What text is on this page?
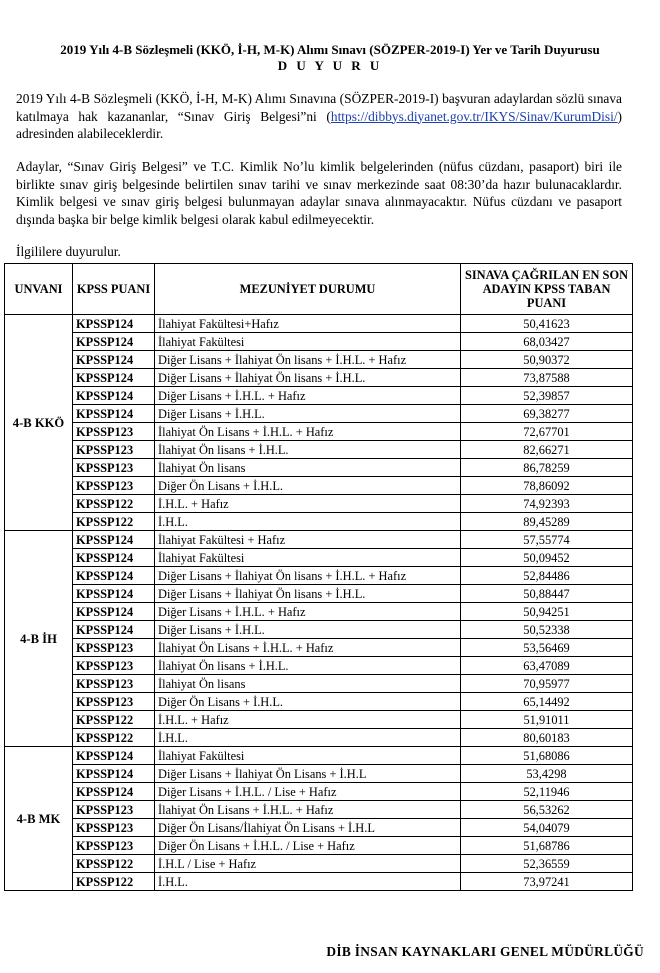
2019 Yılı 4-B Sözleşmeli (KKÖ, İ-H, M-K) Alımı Sınavı (SÖZPER-2019-I) Yer ve Tarih Duyurusu
D U Y U R U
2019 Yılı 4-B Sözleşmeli (KKÖ, İ-H, M-K) Alımı Sınavına (SÖZPER-2019-I) başvuran adaylardan sözlü sınava katılmaya hak kazananlar, “Sınav Giriş Belgesi”ni (https://dibbys.diyanet.gov.tr/IKYS/Sinav/KurumDisi/) adresinden alabileceklerdir.
Adaylar, “Sınav Giriş Belgesi” ve T.C. Kimlik No’lu kimlik belgelerinden (nüfus cüzdanı, pasaport) biri ile birlikte sınav giriş belgesinde belirtilen sınav tarihi ve sınav merkezinde saat 08:30’da hazır bulunacaklardır. Kimlik belgesi ve sınav giriş belgesi bulunmayan adaylar sınava alınmayacaktır. Nüfus cüzdanı ve pasaport dışında başka bir belge kimlik belgesi olarak kabul edilmeyecektir.
İlgililere duyurulur.
UNVANI	KPSS PUANI	MEZUNİYET DURUMU	SINAVA ÇAĞRILAN EN SON ADAYIN KPSS TABAN PUANI
4-B KKÖ	KPSSP124	İlahiyat Fakültesi+Hafız	50,41623
	KPSSP124	İlahiyat Fakültesi	68,03427
	KPSSP124	Diğer Lisans + İlahiyat Ön lisans + İ.H.L. + Hafız	50,90372
	KPSSP124	Diğer Lisans + İlahiyat Ön lisans + İ.H.L.	73,87588
	KPSSP124	Diğer Lisans + İ.H.L. + Hafız	52,39857
	KPSSP124	Diğer Lisans + İ.H.L.	69,38277
	KPSSP123	İlahiyat Ön Lisans + İ.H.L. + Hafız	72,67701
	KPSSP123	İlahiyat Ön lisans + İ.H.L.	82,66271
	KPSSP123	İlahiyat Ön lisans	86,78259
	KPSSP123	Diğer Ön Lisans + İ.H.L.	78,86092
	KPSSP122	İ.H.L. + Hafız	74,92393
	KPSSP122	İ.H.L.	89,45289
4-B İH	KPSSP124	İlahiyat Fakültesi + Hafız	57,55774
	KPSSP124	İlahiyat Fakültesi	50,09452
	KPSSP124	Diğer Lisans + İlahiyat Ön lisans + İ.H.L. + Hafız	52,84486
	KPSSP124	Diğer Lisans + İlahiyat Ön lisans + İ.H.L.	50,88447
	KPSSP124	Diğer Lisans + İ.H.L. + Hafız	50,94251
	KPSSP124	Diğer Lisans + İ.H.L.	50,52338
	KPSSP123	İlahiyat Ön Lisans + İ.H.L. + Hafız	53,56469
	KPSSP123	İlahiyat Ön lisans + İ.H.L.	63,47089
	KPSSP123	İlahiyat Ön lisans	70,95977
	KPSSP123	Diğer Ön Lisans + İ.H.L.	65,14492
	KPSSP122	İ.H.L. + Hafız	51,91011
	KPSSP122	İ.H.L.	80,60183
4-B MK	KPSSP124	İlahiyat Fakültesi	51,68086
	KPSSP124	Diğer Lisans + İlahiyat Ön Lisans + İ.H.L	53,4298
	KPSSP124	Diğer Lisans + İ.H.L. / Lise + Hafız	52,11946
	KPSSP123	İlahiyat Ön Lisans + İ.H.L. + Hafız	56,53262
	KPSSP123	Diğer Ön Lisans/İlahiyat Ön Lisans + İ.H.L	54,04079
	KPSSP123	Diğer Ön Lisans + İ.H.L. / Lise + Hafız	51,68786
	KPSSP122	İ.H.L / Lise + Hafız	52,36559
	KPSSP122	İ.H.L.	73,97241
DİB İNSAN KAYNAKLARI GENEL MÜDÜRLÜĞÜ
